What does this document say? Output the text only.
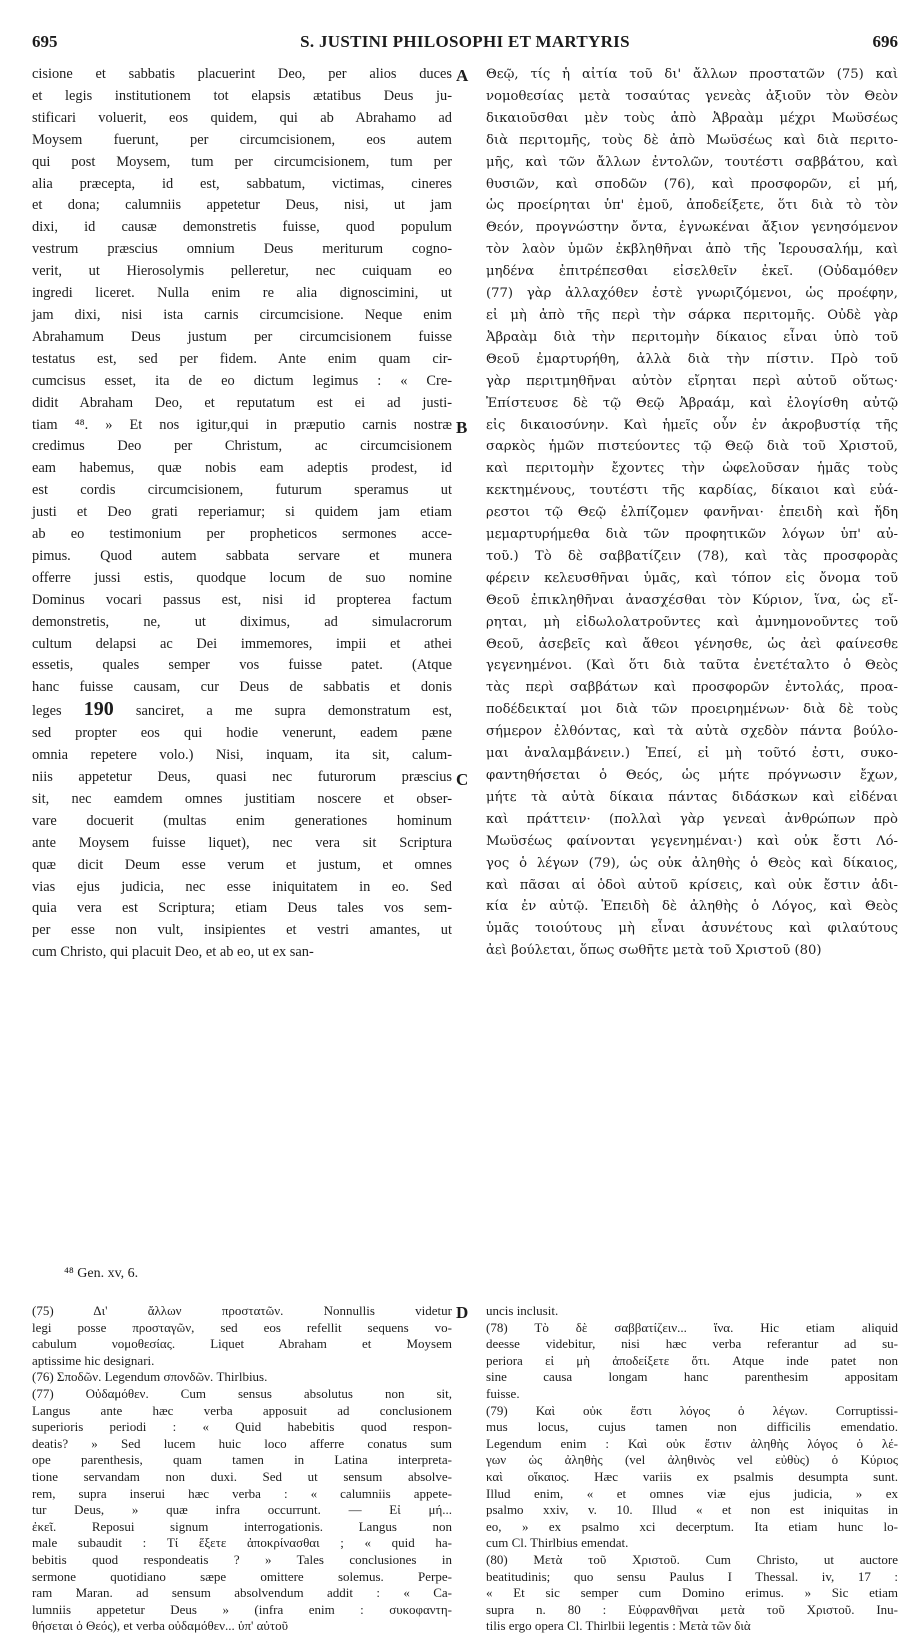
695	S. JUSTINI PHILOSOPHI ET MARTYRIS	696
cisione et sabbatis placuerint Deo, per alios duces
et legis institutionem tot elapsis ætatibus Deus ju-
stificari voluerit, eos quidem, qui ab Abrahamo ad
Moysem fuerunt, per circumcisionem, eos autem
qui post Moysem, tum per circumcisionem, tum per
alia præcepta, id est, sabbatum, victimas, cineres
et dona; calumniis appetetur Deus, nisi, ut jam
dixi, id causæ demonstretis fuisse, quod populum
vestrum præscius omnium Deus meriturum cogno-
verit, ut Hierosolymis pelleretur, nec cuiquam eo
ingredi liceret. Nulla enim re alia dignoscimini, ut
jam dixi, nisi ista carnis circumcisione. Neque enim
Abrahamum Deus justum per circumcisionem fuisse
testatus est, sed per fidem. Ante enim quam cir-
cumcisus esset, ita de eo dictum legimus : « Cre-
didit Abraham Deo, et reputatum est ei ad justi-
tiam ⁴⁸. » Et nos igitur,qui in præputio carnis nostræ
credimus Deo per Christum, ac circumcisionem
eam habemus, quæ nobis eam adeptis prodest, id
est cordis circumcisionem, futurum speramus ut
justi et Deo grati reperiamur; si quidem jam etiam
ab eo testimonium per propheticos sermones acce-
pimus. Quod autem sabbata servare et munera
offerre jussi estis, quodque locum de suo nomine
Dominus vocari passus est, nisi id propterea factum
demonstretis, ne, ut diximus, ad simulacrorum
cultum delapsi ac Dei immemores, impii et athei
essetis, quales semper vos fuisse patet. (Atque
hanc fuisse causam, cur Deus de sabbatis et donis
leges 190 sanciret, a me supra demonstratum est,
sed propter eos qui hodie venerunt, eadem pæne
omnia repetere volo.) Nisi, inquam, ita sit, calum-
niis appetetur Deus, quasi nec futurorum præscius
sit, nec eamdem omnes justitiam noscere et obser-
vare docuerit (multas enim generationes hominum
ante Moysem fuisse liquet), nec vera sit Scriptura
quæ dicit Deum esse verum et justum, et omnes
vias ejus judicia, nec esse iniquitatem in eo. Sed
quia vera est Scriptura; etiam Deus tales vos sem-
per esse non vult, insipientes et vestri amantes, ut
cum Christo, qui placuit Deo, et ab eo, ut ex san-
Θεῷ, τίς ἡ αἰτία τοῦ δι' ἄλλων προστατῶν (75) καὶ
νομοθεσίας μετὰ τοσαύτας γενεὰς ἀξιοῦν τὸν Θεὸν
δικαιοῦσθαι μὲν τοὺς ἀπὸ Ἀβραὰμ μέχρι Μωϋσέως
διὰ περιτομῆς, τοὺς δὲ ἀπὸ Μωϋσέως καὶ διὰ περιτο-
μῆς, καὶ τῶν ἄλλων ἐντολῶν, τουτέστι σαββάτου, καὶ
θυσιῶν, καὶ σποδῶν (76), καὶ προσφορῶν, εἰ μή,
ὡς προείρηται ὑπ' ἐμοῦ, ἀποδείξετε, ὅτι διὰ τὸ τὸν
Θεόν, προγνώστην ὄντα, ἐγνωκέναι ἄξιον γενησόμενον
τὸν λαὸν ὑμῶν ἐκβληθῆναι ἀπὸ τῆς Ἱερουσαλήμ, καὶ
μηδένα ἐπιτρέπεσθαι εἰσελθεῖν ἐκεῖ. (Οὐδαμόθεν
(77) γὰρ ἀλλαχόθεν ἐστὲ γνωριζόμενοι, ὡς προέφην,
εἰ μὴ ἀπὸ τῆς περὶ τὴν σάρκα περιτομῆς. Οὐδὲ γὰρ
Ἀβραὰμ διὰ τὴν περιτομὴν δίκαιος εἶναι ὑπὸ τοῦ
Θεοῦ ἐμαρτυρήθη, ἀλλὰ διὰ τὴν πίστιν. Πρὸ τοῦ
γὰρ περιτμηθῆναι αὐτὸν εἴρηται περὶ αὐτοῦ οὕτως·
Ἐπίστευσε δὲ τῷ Θεῷ Ἀβραάμ, καὶ ἐλογίσθη αὐτῷ
εἰς δικαιοσύνην. Καὶ ἡμεῖς οὖν ἐν ἀκροβυστίᾳ τῆς
σαρκὸς ἡμῶν πιστεύοντες τῷ Θεῷ διὰ τοῦ Χριστοῦ,
καὶ περιτομὴν ἔχοντες τὴν ὠφελοῦσαν ἡμᾶς τοὺς
κεκτημένους, τουτέστι τῆς καρδίας, δίκαιοι καὶ εὐά-
ρεστοι τῷ Θεῷ ἐλπίζομεν φανῆναι· ἐπειδὴ καὶ ἤδη
μεμαρτυρήμεθα διὰ τῶν προφητικῶν λόγων ὑπ' αὐ-
τοῦ.) Τὸ δὲ σαββατίζειν (78), καὶ τὰς προσφορὰς
φέρειν κελευσθῆναι ὑμᾶς, καὶ τόπον εἰς ὄνομα τοῦ
Θεοῦ ἐπικληθῆναι ἀνασχέσθαι τὸν Κύριον, ἵνα, ὡς εἴ-
ρηται, μὴ εἰδωλολατροῦντες καὶ ἀμνημονοῦντες τοῦ
Θεοῦ, ἀσεβεῖς καὶ ἄθεοι γένησθε, ὡς ἀεὶ φαίνεσθε
γεγενημένοι. (Καὶ ὅτι διὰ ταῦτα ἐνετέταλτο ὁ Θεὸς
τὰς περὶ σαββάτων καὶ προσφορῶν ἐντολάς, προα-
ποδέδεικταί μοι διὰ τῶν προειρημένων· διὰ δὲ τοὺς
σήμερον ἐλθόντας, καὶ τὰ αὐτὰ σχεδὸν πάντα βούλο-
μαι ἀναλαμβάνειν.) Ἐπεί, εἰ μὴ τοῦτό ἐστι, συκο-
φαντηθήσεται ὁ Θεός, ὡς μήτε πρόγνωσιν ἔχων,
μήτε τὰ αὐτὰ δίκαια πάντας διδάσκων καὶ εἰδέναι
καὶ πράττειν· (πολλαὶ γὰρ γενεαὶ ἀνθρώπων πρὸ
Μωϋσέως φαίνονται γεγενημέναι·) καὶ οὐκ ἔστι Λό-
γος ὁ λέγων (79), ὡς οὐκ ἀληθὴς ὁ Θεὸς καὶ δίκαιος,
καὶ πᾶσαι αἱ ὁδοὶ αὐτοῦ κρίσεις, καὶ οὐκ ἔστιν ἀδι-
κία ἐν αὐτῷ. Ἐπειδὴ δὲ ἀληθὴς ὁ Λόγος, καὶ Θεὸς
ὑμᾶς τοιούτους μὴ εἶναι ἀσυνέτους καὶ φιλαύτους
ἀεὶ βούλεται, ὅπως σωθῆτε μετὰ τοῦ Χριστοῦ (80)
A
B
C
D
⁴⁸ Gen. xv, 6.
(75) Δι' ἄλλων προστατῶν. Nonnullis videtur
legi posse προσταγῶν, sed eos refellit sequens vo-
cabulum νομοθεσίας. Liquet Abraham et Moysem
aptissime hic designari.
(76) Σποδῶν. Legendum σπονδῶν. Thirlbius.
(77) Οὐδαμόθεν. Cum sensus absolutus non sit,
Langus ante hæc verba apposuit ad conclusionem
superioris periodi : « Quid habebitis quod respon-
deatis? » Sed lucem huic loco afferre conatus sum
ope parenthesis, quam tamen in Latina interpreta-
tione servandam non duxi. Sed ut sensum absolve-
rem, supra inserui hæc verba : « calumniis appete-
tur Deus, » quæ infra occurrunt. — Εἰ μή...
ἐκεῖ. Reposui signum interrogationis. Langus non
male subaudit : Τί ἕξετε ἀποκρίνασθαι ; « quid ha-
bebitis quod respondeatis ? » Tales conclusiones in
sermone quotidiano sæpe omittere solemus. Perpe-
ram Maran. ad sensum absolvendum addit : « Ca-
lumniis appetetur Deus » (infra enim : συκοφαντη-
θήσεται ὁ Θεός), et verba οὐδαμόθεν... ὑπ' αὐτοῦ
uncis inclusit.
(78) Τὸ δὲ σαββατίζειν... ἵνα. Hic etiam aliquid
deesse videbitur, nisi hæc verba referantur ad su-
periora εἰ μὴ ἀποδείξετε ὅτι. Atque inde patet non
sine causa longam hanc parenthesim appositam
fuisse.
(79) Καὶ οὐκ ἔστι λόγος ὁ λέγων. Corruptissi-
mus locus, cujus tamen non difficilis emendatio.
Legendum enim : Καὶ οὐκ ἔστιν ἀληθὴς λόγος ὁ λέ-
γων ὡς ἀληθὴς (vel ἀληθινὸς vel εὐθὺς) ὁ Κύριος
καὶ οἴκαιος. Hæc variis ex psalmis desumpta sunt.
Illud enim, « et omnes viæ ejus judicia, » ex
psalmo xxiv, v. 10. Illud « et non est iniquitas in
eo, » ex psalmo xci decerptum. Ita etiam hunc lo-
cum Cl. Thirlbius emendat.
(80) Μετὰ τοῦ Χριστοῦ. Cum Christo, ut auctore
beatitudinis; quo sensu Paulus I Thessal. iv, 17 :
« Et sic semper cum Domino erimus. » Sic etiam
supra n. 80 : Εὐφρανθῆναι μετὰ τοῦ Χριστοῦ. Inu-
tilis ergo opera Cl. Thirlbii legentis : Μετὰ τῶν διὰ
